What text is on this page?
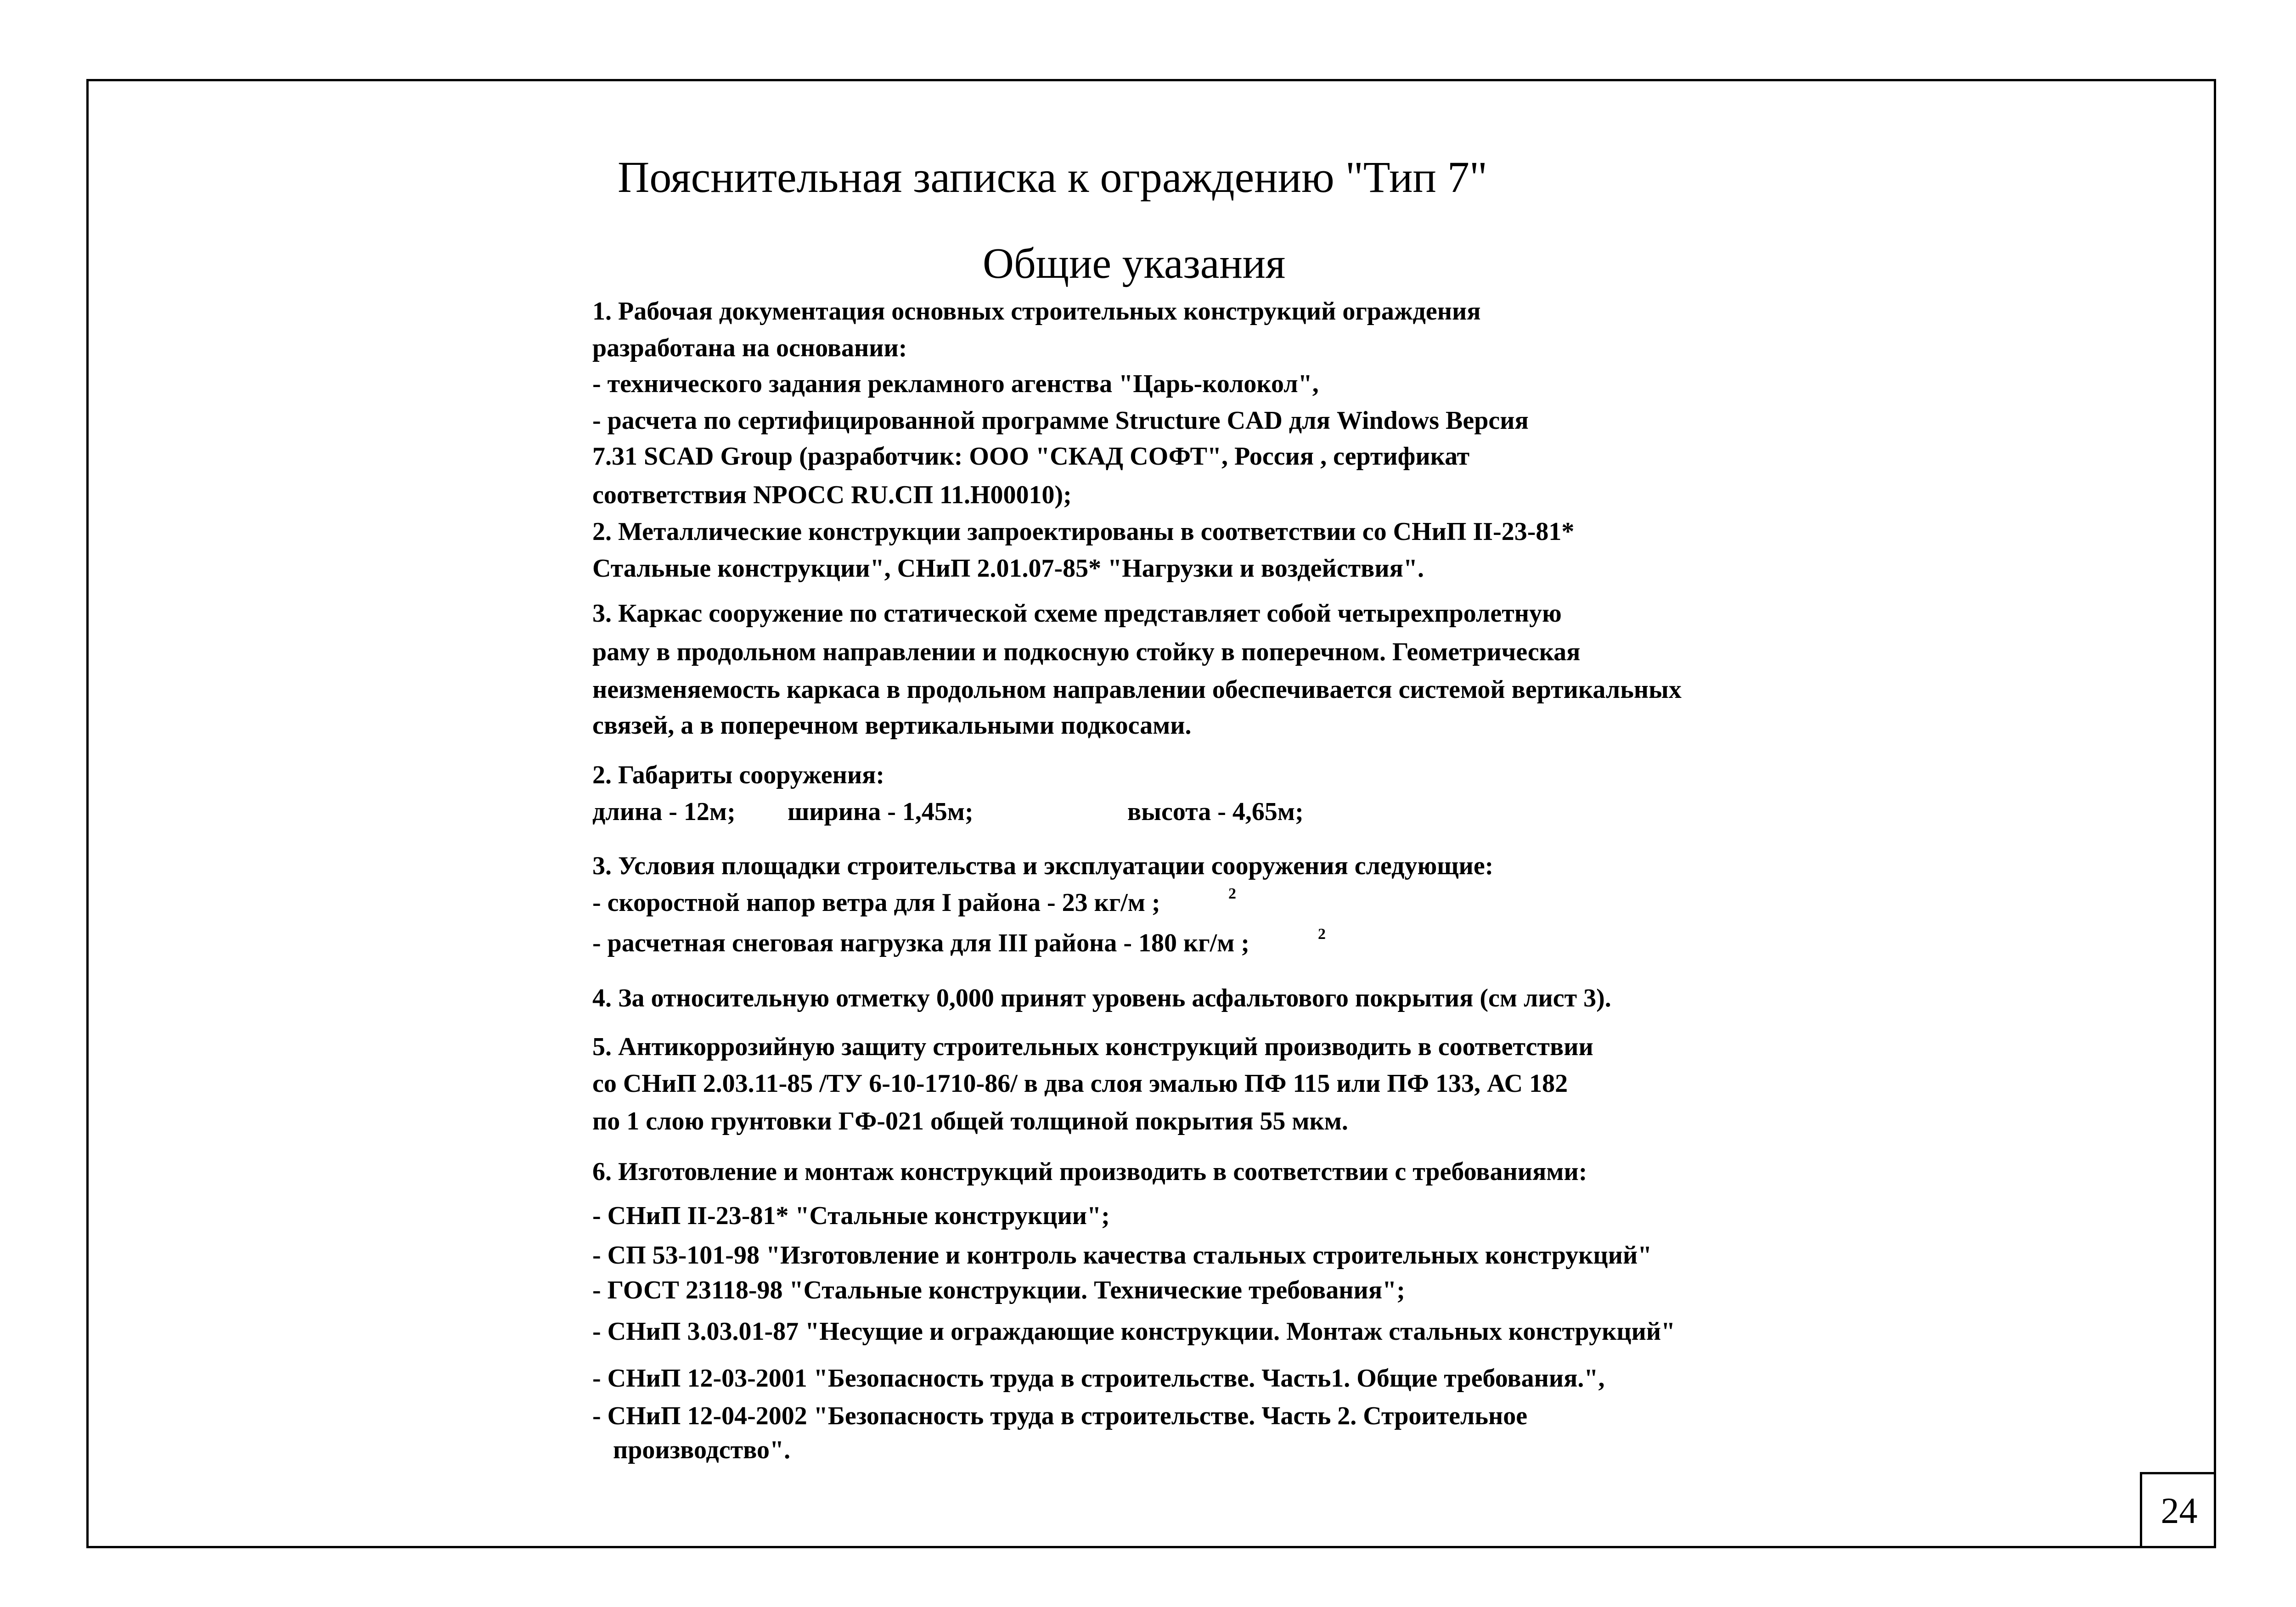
24
Пояснительная записка к ограждению "Тип 7"
Общие указания
1. Рабочая документация основных строительных конструкций ограждения
разработана на основании:
- технического задания рекламного агенства "Царь-колокол",
- расчета по сертифицированной программе Structure CAD для Windows Версия
7.31 SCAD Group (разработчик: ООО "СКАД СОФТ", Россия , сертификат
соответствия NPOCC RU.СП 11.Н00010);
2. Металлические конструкции запроектированы в соответствии со СНиП II-23-81*
Стальные конструкции", СНиП 2.01.07-85* "Нагрузки и воздействия".
3. Каркас сооружение по статической схеме представляет собой четырехпролетную
раму в продольном направлении и подкосную стойку в поперечном. Геометрическая
неизменяемость каркаса в продольном направлении обеспечивается системой вертикальных
связей, а в поперечном вертикальными подкосами.
2. Габариты сооружения:
длина - 12м; ширина - 1,45м;	высота - 4,65м;
3. Условия площадки строительства и эксплуатации сооружения следующие:
- скоростной напор ветра для I района - 23 кг/м ;	2
- расчетная снеговая нагрузка для III района - 180 кг/м ;	2
4. За относительную отметку 0,000 принят уровень асфальтового покрытия (см лист 3).
5. Антикоррозийную защиту строительных конструкций производить в соответствии
со СНиП 2.03.11-85 /ТУ 6-10-1710-86/ в два слоя эмалью ПФ 115 или ПФ 133, АС 182
по 1 слою грунтовки ГФ-021 общей толщиной покрытия 55 мкм.
6. Изготовление и монтаж конструкций производить в соответствии с требованиями:
- СНиП II-23-81* "Стальные конструкции";
- СП 53-101-98 "Изготовление и контроль качества стальных строительных конструкций"
- ГОСТ 23118-98 "Стальные конструкции. Технические требования";
- СНиП 3.03.01-87 "Несущие и ограждающие конструкции. Монтаж стальных конструкций"
- СНиП 12-03-2001 "Безопасность труда в строительстве. Часть1. Общие требования.",
- СНиП 12-04-2002 "Безопасность труда в строительстве. Часть 2. Строительное
производство".
